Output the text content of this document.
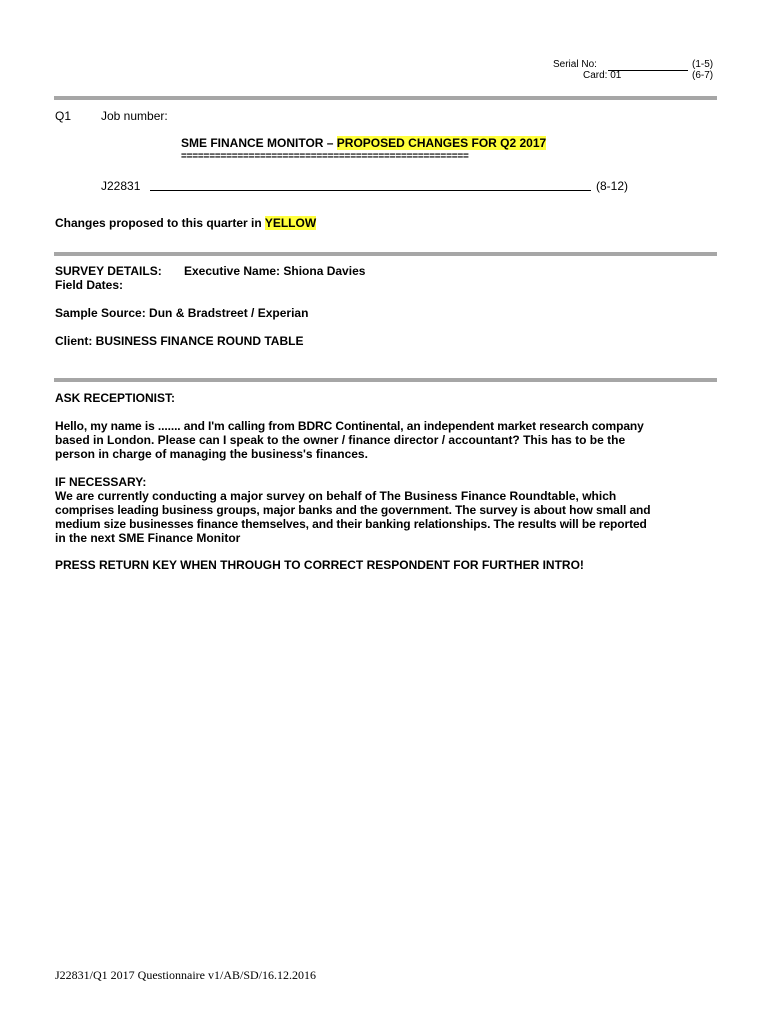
Serial No:	(1-5)
Card: 01	(6-7)
Q1 Job number:
SME FINANCE MONITOR – PROPOSED CHANGES FOR Q2 2017
===================================================
J22831	(8-12)
Changes proposed to this quarter in YELLOW
SURVEY DETAILS: Executive Name: Shiona Davies
Field Dates:
Sample Source: Dun & Bradstreet / Experian
Client: BUSINESS FINANCE ROUND TABLE
ASK RECEPTIONIST:
Hello, my name is ....... and I'm calling from BDRC Continental, an independent market research company
based in London. Please can I speak to the owner / finance director / accountant? This has to be the
person in charge of managing the business's finances.
IF NECESSARY:
We are currently conducting a major survey on behalf of The Business Finance Roundtable, which
comprises leading business groups, major banks and the government. The survey is about how small and
medium size businesses finance themselves, and their banking relationships. The results will be reported
in the next SME Finance Monitor
PRESS RETURN KEY WHEN THROUGH TO CORRECT RESPONDENT FOR FURTHER INTRO!
J22831/Q1 2017 Questionnaire v1/AB/SD/16.12.2016
